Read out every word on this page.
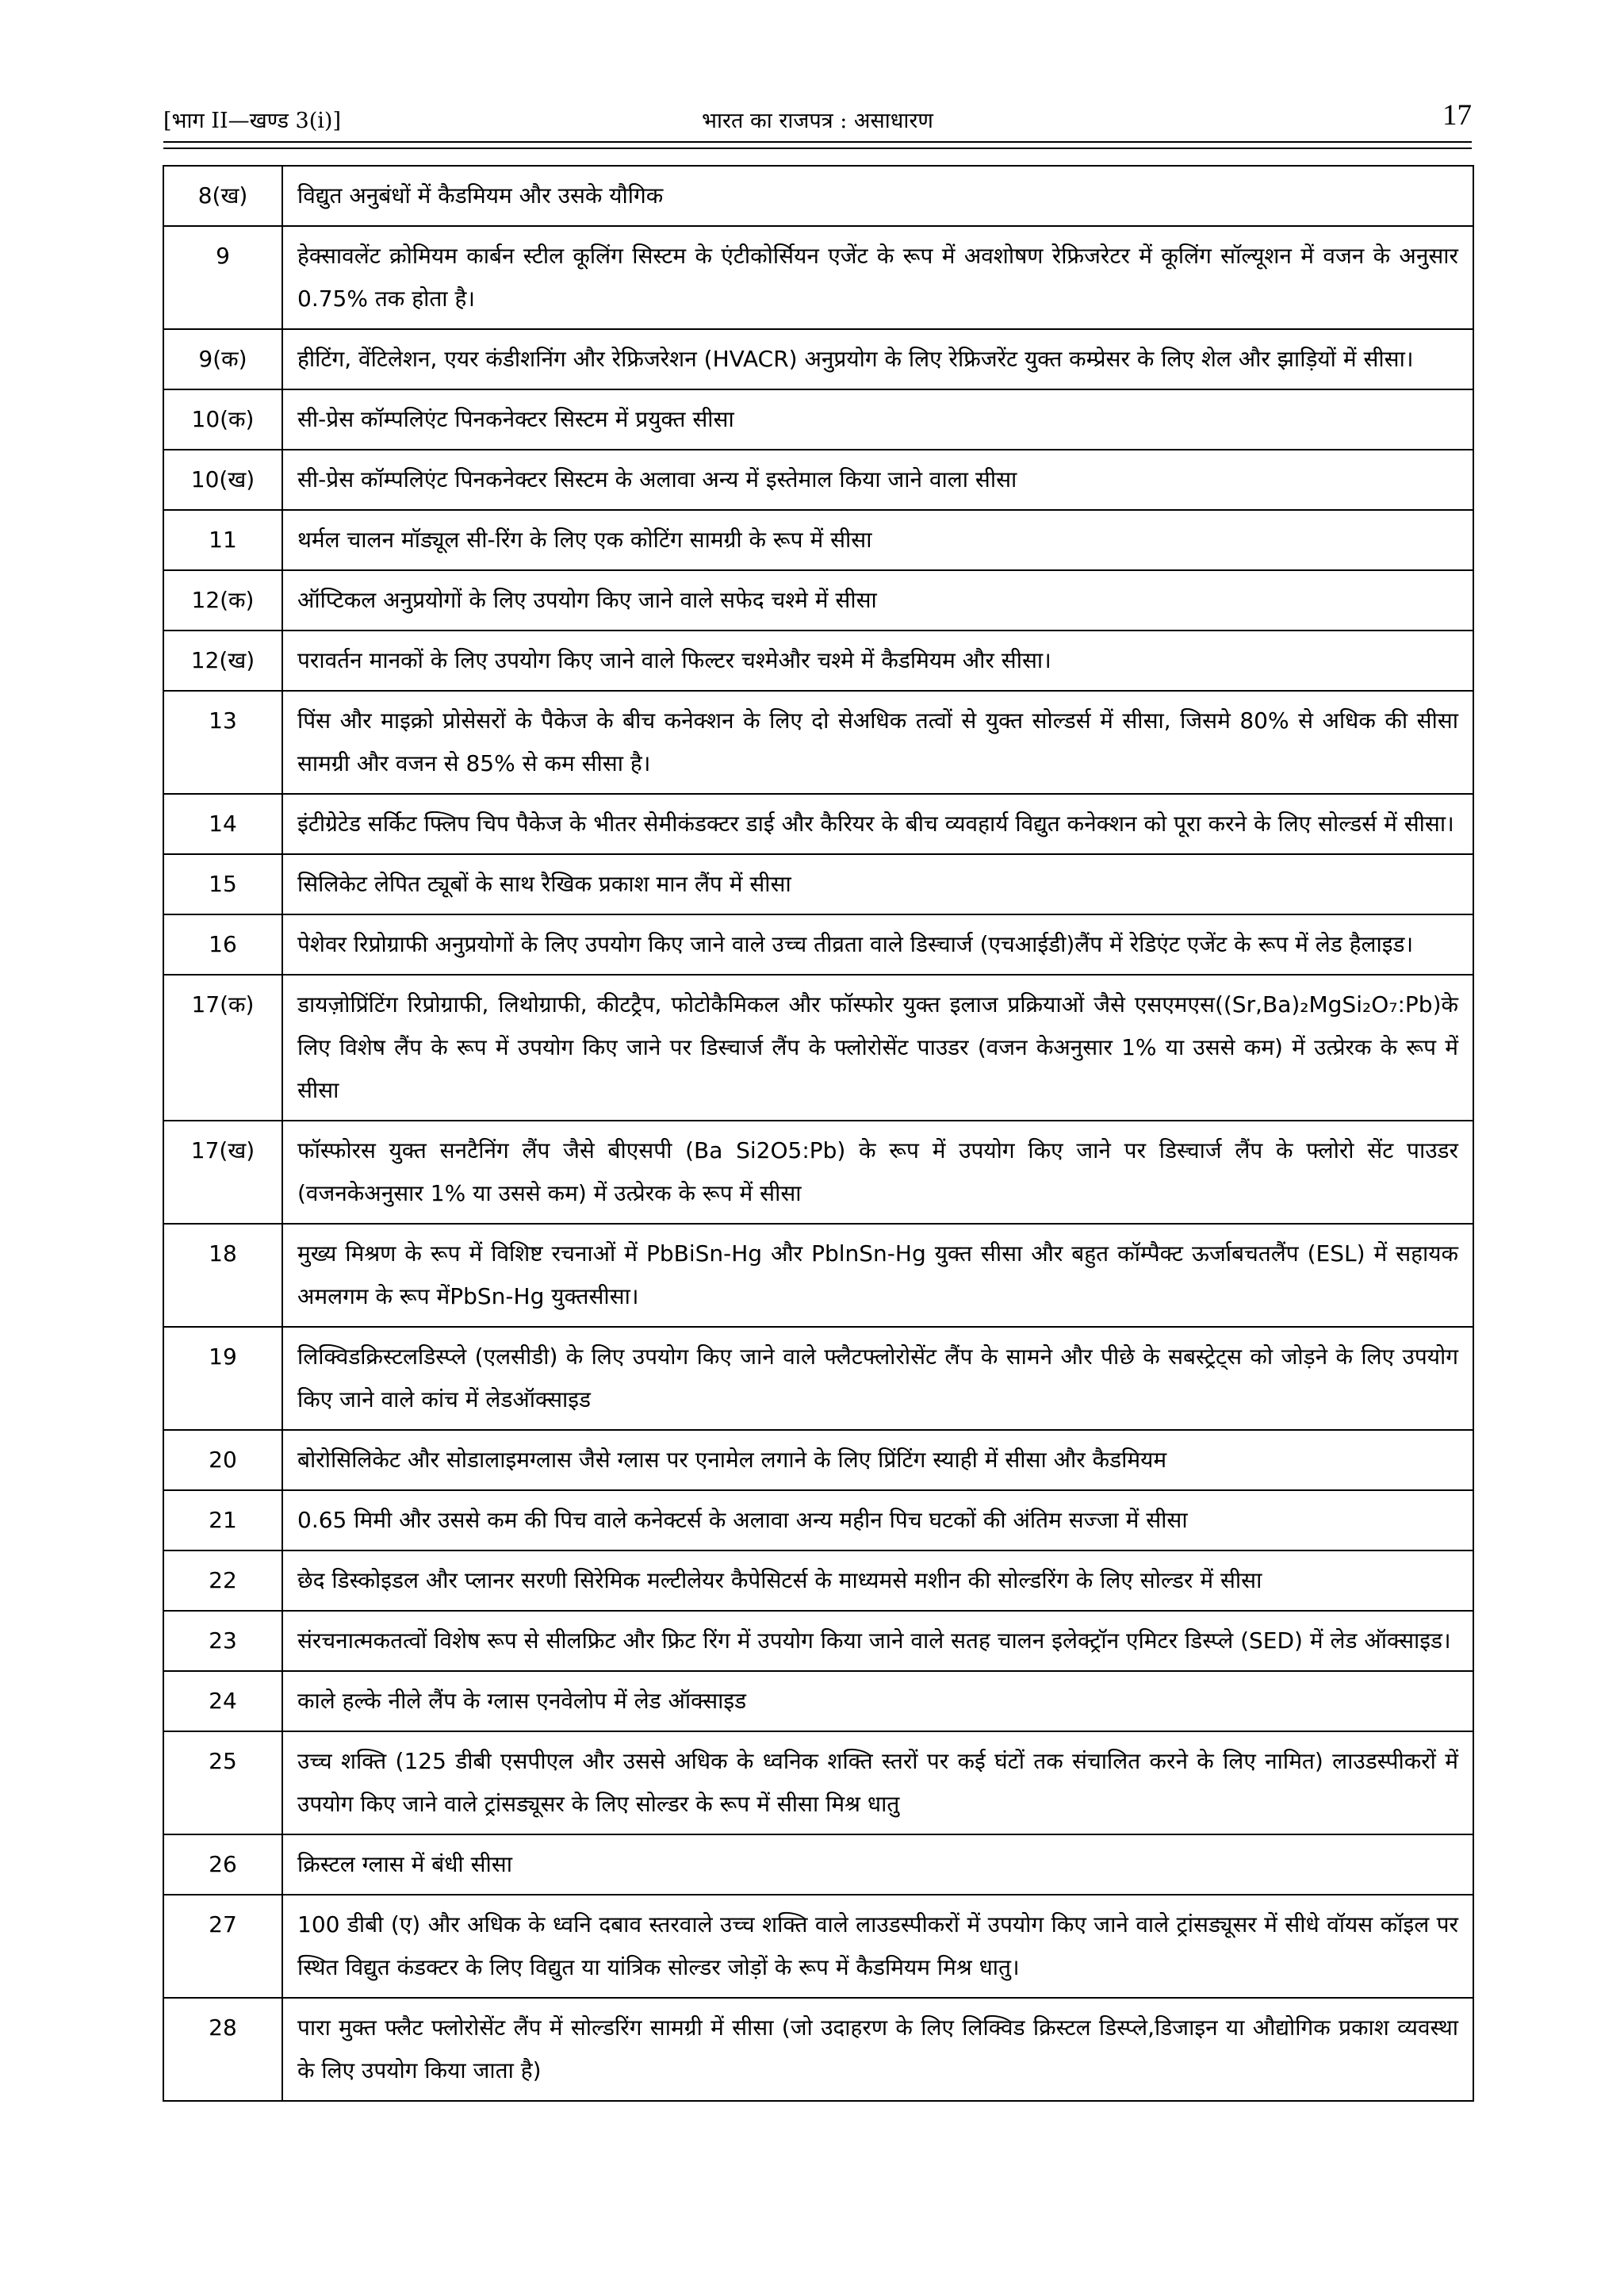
[भाग II—खण्ड 3(i)]	भारत का राजपत्र : असाधारण	17
8(ख)	विद्युत अनुबंधों में कैडमियम और उसके यौगिक
9	हेक्सावलेंट क्रोमियम कार्बन स्टील कूलिंग सिस्टम के एंटीकोर्सियन एजेंट के रूप में अवशोषण रेफ्रिजरेटर में कूलिंग सॉल्यूशन में वजन के अनुसार 0.75% तक होता है।
9(क)	हीटिंग, वेंटिलेशन, एयर कंडीशनिंग और रेफ्रिजरेशन (HVACR) अनुप्रयोग के लिए रेफ्रिजरेंट युक्त कम्प्रेसर के लिए शेल और झाड़ियों में सीसा।
10(क)	सी-प्रेस कॉम्पलिएंट पिनकनेक्टर सिस्टम में प्रयुक्त सीसा
10(ख)	सी-प्रेस कॉम्पलिएंट पिनकनेक्टर सिस्टम के अलावा अन्य में इस्तेमाल किया जाने वाला सीसा
11	थर्मल चालन मॉड्यूल सी-रिंग के लिए एक कोटिंग सामग्री के रूप में सीसा
12(क)	ऑप्टिकल अनुप्रयोगों के लिए उपयोग किए जाने वाले सफेद चश्मे में सीसा
12(ख)	परावर्तन मानकों के लिए उपयोग किए जाने वाले फिल्टर चश्मेऔर चश्मे में कैडमियम और सीसा।
13	पिंस और माइक्रो प्रोसेसरों के पैकेज के बीच कनेक्शन के लिए दो सेअधिक तत्वों से युक्त सोल्डर्स में सीसा, जिसमे 80% से अधिक की सीसा सामग्री और वजन से 85% से कम सीसा है।
14	इंटीग्रेटेड सर्किट फ्लिप चिप पैकेज के भीतर सेमीकंडक्टर डाई और कैरियर के बीच व्यवहार्य विद्युत कनेक्शन को पूरा करने के लिए सोल्डर्स में सीसा।
15	सिलिकेट लेपित ट्यूबों के साथ रैखिक प्रकाश मान लैंप में सीसा
16	पेशेवर रिप्रोग्राफी अनुप्रयोगों के लिए उपयोग किए जाने वाले उच्च तीव्रता वाले डिस्चार्ज (एचआईडी)लैंप में रेडिएंट एजेंट के रूप में लेड हैलाइड।
17(क)	डायज़ोप्रिंटिंग रिप्रोग्राफी, लिथोग्राफी, कीटट्रैप, फोटोकैमिकल और फॉस्फोर युक्त इलाज प्रक्रियाओं जैसे एसएमएस((Sr,Ba)₂MgSi₂O₇:Pb)के लिए विशेष लैंप के रूप में उपयोग किए जाने पर डिस्चार्ज लैंप के फ्लोरोसेंट पाउडर (वजन केअनुसार 1% या उससे कम) में उत्प्रेरक के रूप में सीसा
17(ख)	फॉस्फोरस युक्त सनटैनिंग लैंप जैसे बीएसपी (Ba Si2O5:Pb) के रूप में उपयोग किए जाने पर डिस्चार्ज लैंप के फ्लोरो सेंट पाउडर (वजनकेअनुसार 1% या उससे कम) में उत्प्रेरक के रूप में सीसा
18	मुख्य मिश्रण के रूप में विशिष्ट रचनाओं में PbBiSn-Hg और PblnSn-Hg युक्त सीसा और बहुत कॉम्पैक्ट ऊर्जाबचतलैंप (ESL) में सहायक अमलगम के रूप मेंPbSn-Hg युक्तसीसा।
19	लिक्विडक्रिस्टलडिस्प्ले (एलसीडी) के लिए उपयोग किए जाने वाले फ्लैटफ्लोरोसेंट लैंप के सामने और पीछे के सबस्ट्रेट्स को जोड़ने के लिए उपयोग किए जाने वाले कांच में लेडऑक्साइड
20	बोरोसिलिकेट और सोडालाइमग्लास जैसे ग्लास पर एनामेल लगाने के लिए प्रिंटिंग स्याही में सीसा और कैडमियम
21	0.65 मिमी और उससे कम की पिच वाले कनेक्टर्स के अलावा अन्य महीन पिच घटकों की अंतिम सज्जा में सीसा
22	छेद डिस्कोइडल और प्लानर सरणी सिरेमिक मल्टीलेयर कैपेसिटर्स के माध्यमसे मशीन की सोल्डरिंग के लिए सोल्डर में सीसा
23	संरचनात्मकतत्वों विशेष रूप से सीलफ्रिट और फ्रिट रिंग में उपयोग किया जाने वाले सतह चालन इलेक्ट्रॉन एमिटर डिस्प्ले (SED) में लेड ऑक्साइड।
24	काले हल्के नीले लैंप के ग्लास एनवेलोप में लेड ऑक्साइड
25	उच्च शक्ति (125 डीबी एसपीएल और उससे अधिक के ध्वनिक शक्ति स्तरों पर कई घंटों तक संचालित करने के लिए नामित) लाउडस्पीकरों में उपयोग किए जाने वाले ट्रांसड्यूसर के लिए सोल्डर के रूप में सीसा मिश्र धातु
26	क्रिस्टल ग्लास में बंधी सीसा
27	100 डीबी (ए) और अधिक के ध्वनि दबाव स्तरवाले उच्च शक्ति वाले लाउडस्पीकरों में उपयोग किए जाने वाले ट्रांसड्यूसर में सीधे वॉयस कॉइल पर स्थित विद्युत कंडक्टर के लिए विद्युत या यांत्रिक सोल्डर जोड़ों के रूप में कैडमियम मिश्र धातु।
28	पारा मुक्त फ्लैट फ्लोरोसेंट लैंप में सोल्डरिंग सामग्री में सीसा (जो उदाहरण के लिए लिक्विड क्रिस्टल डिस्प्ले,डिजाइन या औद्योगिक प्रकाश व्यवस्था के लिए उपयोग किया जाता है)
